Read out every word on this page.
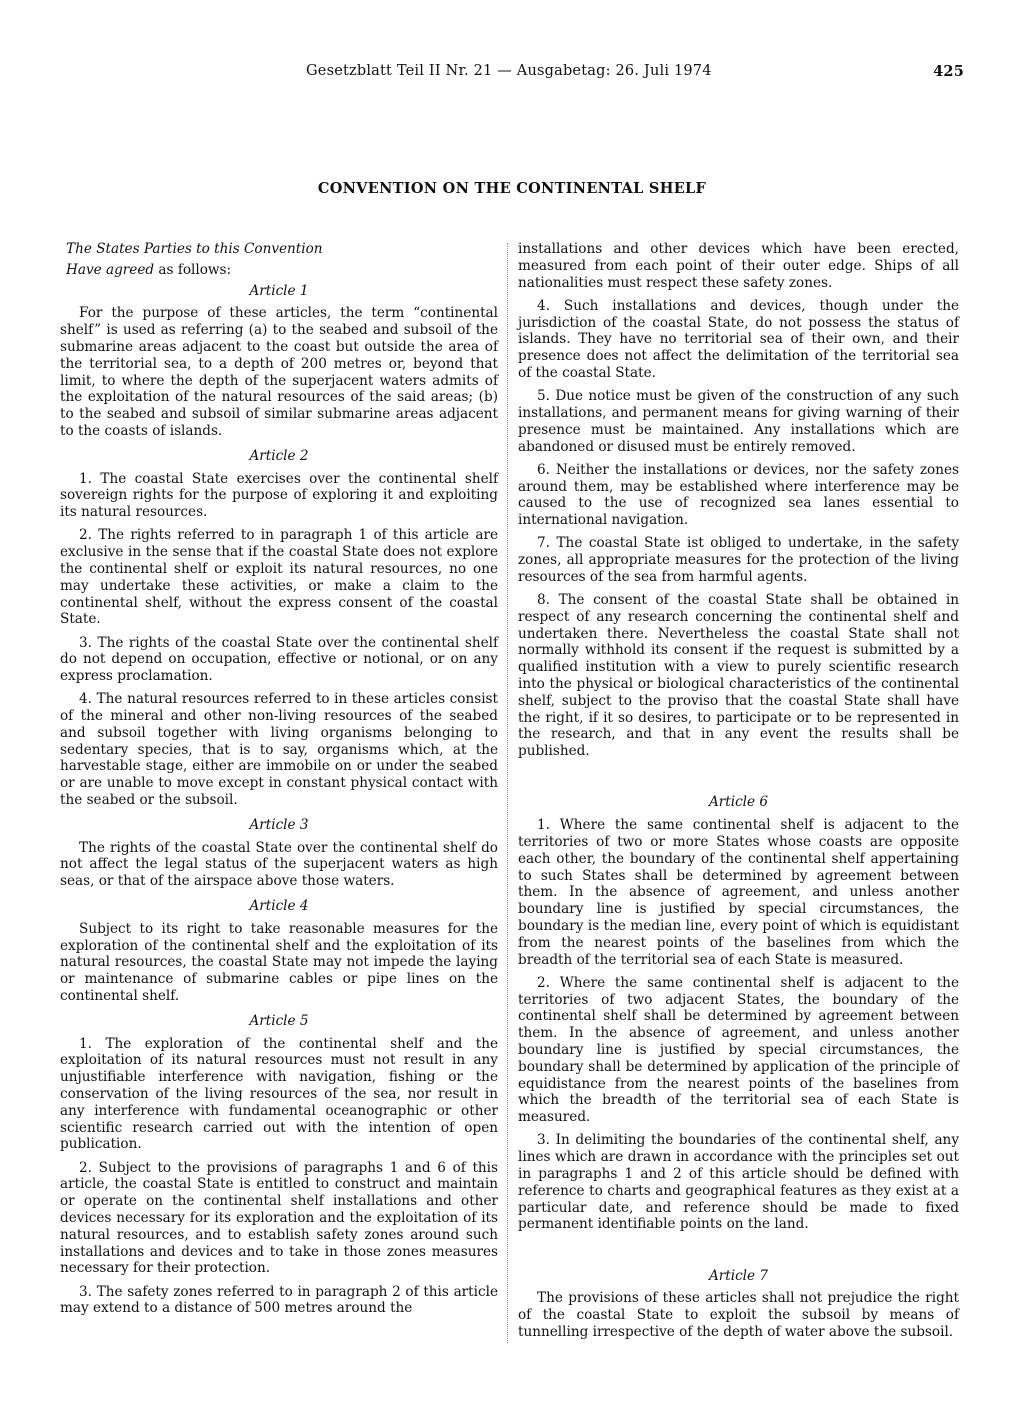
Gesetzblatt Teil II Nr. 21 — Ausgabetag: 26. Juli 1974	425
CONVENTION ON THE CONTINENTAL SHELF

The States Parties to this Convention

Have agreed as follows:

Article 1

For the purpose of these articles, the term “continental shelf” is used as referring (a) to the seabed and subsoil of the submarine areas adjacent to the coast but outside the area of the territorial sea, to a depth of 200 metres or, beyond that limit, to where the depth of the superjacent waters admits of the exploitation of the natural resources of the said areas; (b) to the seabed and subsoil of similar submarine areas adjacent to the coasts of islands.

Article 2

1. The coastal State exercises over the continental shelf sovereign rights for the purpose of exploring it and exploiting its natural resources.

2. The rights referred to in paragraph 1 of this article are exclusive in the sense that if the coastal State does not explore the continental shelf or exploit its natural resources, no one may undertake these activities, or make a claim to the continental shelf, without the express consent of the coastal State.

3. The rights of the coastal State over the continental shelf do not depend on occupation, effective or notional, or on any express proclamation.

4. The natural resources referred to in these articles consist of the mineral and other non-living resources of the seabed and subsoil together with living organisms belonging to sedentary species, that is to say, organisms which, at the harvestable stage, either are immobile on or under the seabed or are unable to move except in constant physical contact with the seabed or the subsoil.

Article 3

The rights of the coastal State over the continental shelf do not affect the legal status of the superjacent waters as high seas, or that of the airspace above those waters.

Article 4

Subject to its right to take reasonable measures for the exploration of the continental shelf and the exploitation of its natural resources, the coastal State may not impede the laying or maintenance of submarine cables or pipe lines on the continental shelf.

Article 5

1. The exploration of the continental shelf and the exploitation of its natural resources must not result in any unjustifiable interference with navigation, fishing or the conservation of the living resources of the sea, nor result in any interference with fundamental oceanographic or other scientific research carried out with the intention of open publication.

2. Subject to the provisions of paragraphs 1 and 6 of this article, the coastal State is entitled to construct and maintain or operate on the continental shelf installations and other devices necessary for its exploration and the exploitation of its natural resources, and to establish safety zones around such installations and devices and to take in those zones measures necessary for their protection.

3. The safety zones referred to in paragraph 2 of this article may extend to a distance of 500 metres around the

installations and other devices which have been erected, measured from each point of their outer edge. Ships of all nationalities must respect these safety zones.

4. Such installations and devices, though under the jurisdiction of the coastal State, do not possess the status of islands. They have no territorial sea of their own, and their presence does not affect the delimitation of the territorial sea of the coastal State.

5. Due notice must be given of the construction of any such installations, and permanent means for giving warning of their presence must be maintained. Any installations which are abandoned or disused must be entirely removed.

6. Neither the installations or devices, nor the safety zones around them, may be established where interference may be caused to the use of recognized sea lanes essential to international navigation.

7. The coastal State ist obliged to undertake, in the safety zones, all appropriate measures for the protection of the living resources of the sea from harmful agents.

8. The consent of the coastal State shall be obtained in respect of any research concerning the continental shelf and undertaken there. Nevertheless the coastal State shall not normally withhold its consent if the request is submitted by a qualified institution with a view to purely scientific research into the physical or biological characteristics of the continental shelf, subject to the proviso that the coastal State shall have the right, if it so desires, to participate or to be represented in the research, and that in any event the results shall be published.

Article 6

1. Where the same continental shelf is adjacent to the territories of two or more States whose coasts are opposite each other, the boundary of the continental shelf appertaining to such States shall be determined by agreement between them. In the absence of agreement, and unless another boundary line is justified by special circumstances, the boundary is the median line, every point of which is equidistant from the nearest points of the baselines from which the breadth of the territorial sea of each State is measured.

2. Where the same continental shelf is adjacent to the territories of two adjacent States, the boundary of the continental shelf shall be determined by agreement between them. In the absence of agreement, and unless another boundary line is justified by special circumstances, the boundary shall be determined by application of the principle of equidistance from the nearest points of the baselines from which the breadth of the territorial sea of each State is measured.

3. In delimiting the boundaries of the continental shelf, any lines which are drawn in accordance with the principles set out in paragraphs 1 and 2 of this article should be defined with reference to charts and geographical features as they exist at a particular date, and reference should be made to fixed permanent identifiable points on the land.

Article 7

The provisions of these articles shall not prejudice the right of the coastal State to exploit the subsoil by means of tunnelling irrespective of the depth of water above the subsoil.
